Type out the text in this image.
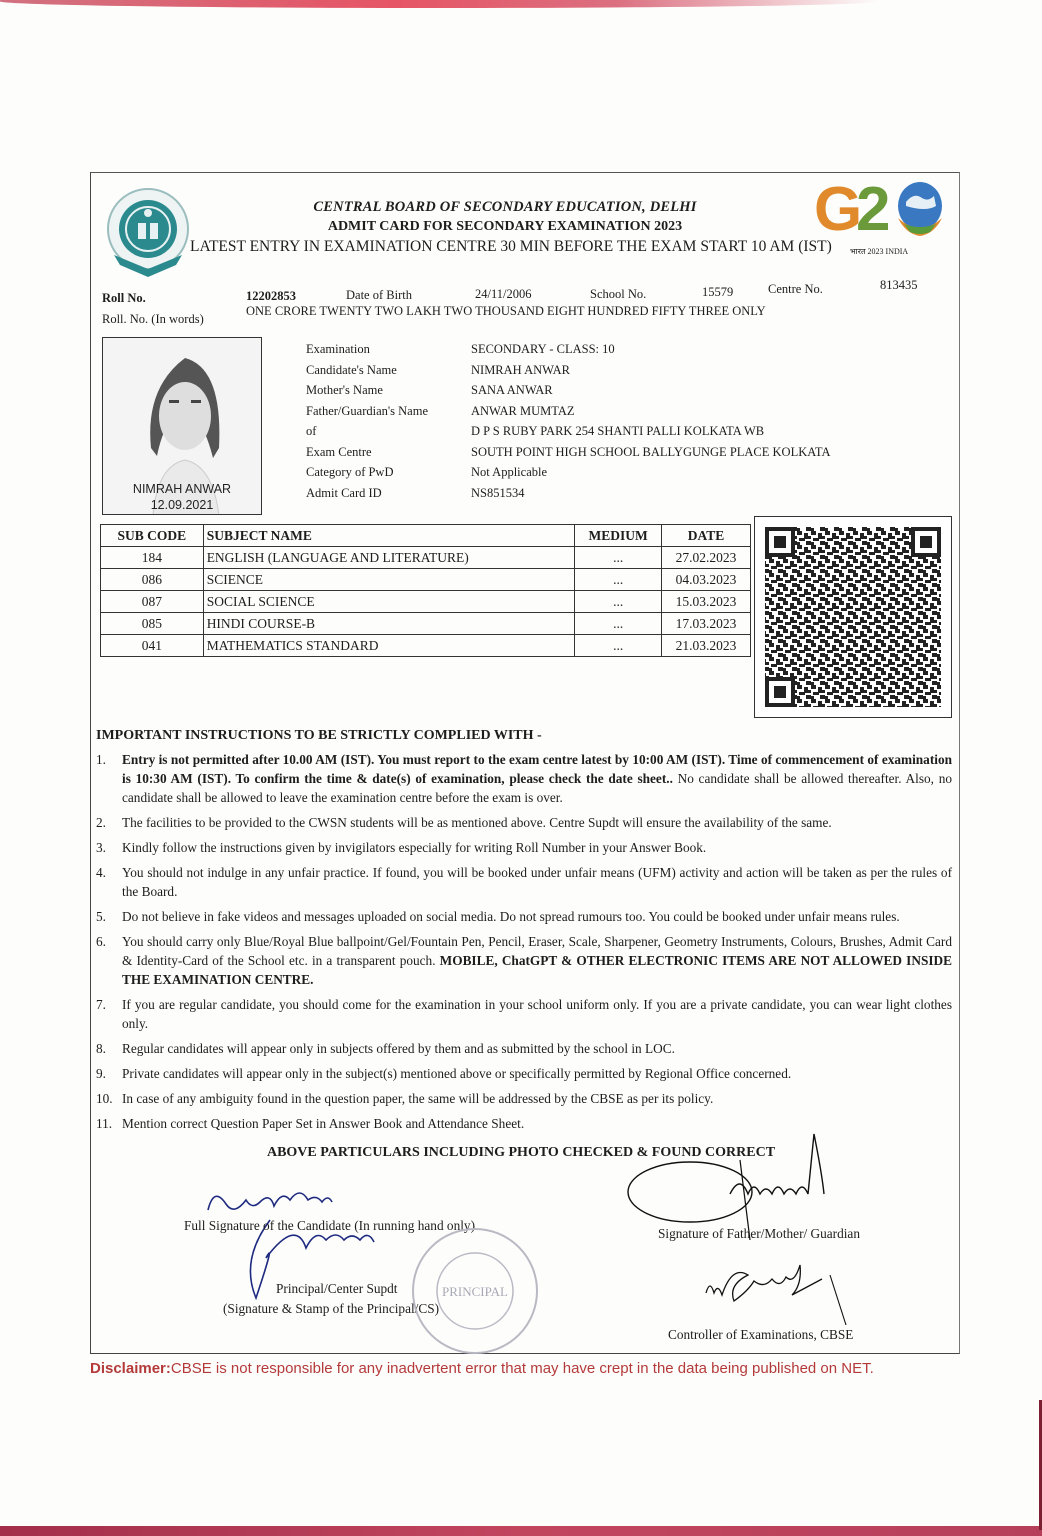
CENTRAL BOARD OF SECONDARY EDUCATION, DELHI
ADMIT CARD FOR SECONDARY EXAMINATION 2023
LATEST ENTRY IN EXAMINATION CENTRE 30 MIN BEFORE THE EXAM START 10 AM (IST)
G
2
भारत 2023 INDIA
Roll No.	12202853	Date of Birth	24/11/2006	School No.	15579	Centre No.	813435
Roll. No. (In words)
ONE CRORE TWENTY TWO LAKH TWO THOUSAND EIGHT HUNDRED FIFTY THREE ONLY
NIMRAH ANWAR
12.09.2021
Examination	SECONDARY - CLASS: 10
Candidate's Name	NIMRAH ANWAR
Mother's Name	SANA ANWAR
Father/Guardian's Name	ANWAR MUMTAZ
of	D P S RUBY PARK 254 SHANTI PALLI KOLKATA WB
Exam Centre	SOUTH POINT HIGH SCHOOL BALLYGUNGE PLACE KOLKATA
Category of PwD	Not Applicable
Admit Card ID	NS851534
SUB CODE	SUBJECT NAME	MEDIUM	DATE
184	ENGLISH (LANGUAGE AND LITERATURE)	...	27.02.2023
086	SCIENCE	...	04.03.2023
087	SOCIAL SCIENCE	...	15.03.2023
085	HINDI COURSE-B	...	17.03.2023
041	MATHEMATICS STANDARD	...	21.03.2023
IMPORTANT INSTRUCTIONS TO BE STRICTLY COMPLIED WITH -
1.	Entry is not permitted after 10.00 AM (IST). You must report to the exam centre latest by 10:00 AM (IST). Time of commencement of examination is 10:30 AM (IST). To confirm the time & date(s) of examination, please check the date sheet.. No candidate shall be allowed thereafter. Also, no candidate shall be allowed to leave the examination centre before the exam is over.
2.	The facilities to be provided to the CWSN students will be as mentioned above. Centre Supdt will ensure the availability of the same.
3.	Kindly follow the instructions given by invigilators especially for writing Roll Number in your Answer Book.
4.	You should not indulge in any unfair practice. If found, you will be booked under unfair means (UFM) activity and action will be taken as per the rules of the Board.
5.	Do not believe in fake videos and messages uploaded on social media. Do not spread rumours too. You could be booked under unfair means rules.
6.	You should carry only Blue/Royal Blue ballpoint/Gel/Fountain Pen, Pencil, Eraser, Scale, Sharpener, Geometry Instruments, Colours, Brushes, Admit Card & Identity-Card of the School etc. in a transparent pouch. MOBILE, ChatGPT & OTHER ELECTRONIC ITEMS ARE NOT ALLOWED INSIDE THE EXAMINATION CENTRE.
7.	If you are regular candidate, you should come for the examination in your school uniform only. If you are a private candidate, you can wear light clothes only.
8.	Regular candidates will appear only in subjects offered by them and as submitted by the school in LOC.
9.	Private candidates will appear only in the subject(s) mentioned above or specifically permitted by Regional Office concerned.
10. In case of any ambiguity found in the question paper, the same will be addressed by the CBSE as per its policy.
11. Mention correct Question Paper Set in Answer Book and Attendance Sheet.
ABOVE PARTICULARS INCLUDING PHOTO CHECKED & FOUND CORRECT
Full Signature of the Candidate (In running hand only)
Principal/Center Supdt
(Signature & Stamp of the Principal/CS)
PRINCIPAL
Signature of Father/Mother/ Guardian
Controller of Examinations, CBSE
Disclaimer:CBSE is not responsible for any inadvertent error that may have crept in the data being published on NET.
